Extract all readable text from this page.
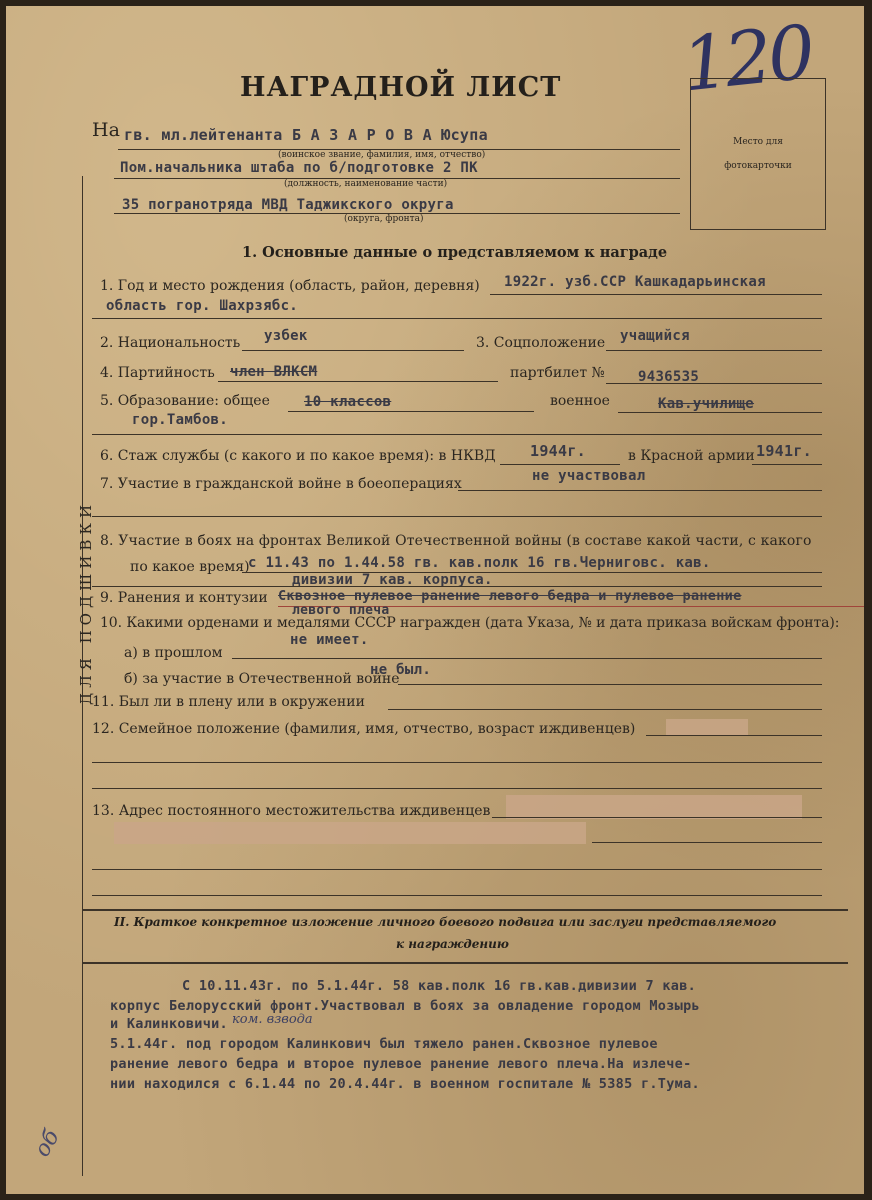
ДЛЯ ПОДШИВКИ
об
НАГРАДНОЙ ЛИСТ 120
Место для
фотокарточки
На гв. мл.лейтенанта Б А З А Р О В А Юсупа
(воинское звание, фамилия, имя, отчество)
Пом.начальника штаба по б/подготовке 2 ПК
(должность, наименование части)
35 погранотряда МВД Таджикского округа
(округа, фронта)
1. Основные данные о представляемом к награде
1. Год и место рождения (область, район, деревня) 1922г. узб.ССР Кашкадарьинская
область гор. Шахрзябс.
2. Национальность узбек	3. Соцположение учащийся
4. Партийность член ВЛКСМ	партбилет № 9436535
5. Образование: общее 10 классов	военное	Кав.училище
гор.Тамбов.
6. Стаж службы (с какого и по какое время): в НКВД 1944г.	в Красной армии 1941г.
7. Участие в гражданской войне в боеоперациях	не участвовал
8. Участие в боях на фронтах Великой Отечественной войны (в составе какой части, с какого
по какое время)
с 11.43 по 1.44.58 гв. кав.полк 16 гв.Черниговс. кав.
дивизии 7 кав. корпуса.
9. Ранения и контузии Сквозное пулевое ранение левого бедра и пулевое ранение
левого плеча
10. Какими орденами и медалями СССР награжден (дата Указа, № и дата приказа войскам фронта):
а) в прошлом
не имеет.
б) за участие в Отечественной войне
не был.
11. Был ли в плену или в окружении
12. Семейное положение (фамилия, имя, отчество, возраст иждивенцев)
13. Адрес постоянного местожительства иждивенцев
II. Краткое конкретное изложение личного боевого подвига или заслуги представляемого
к награждению
С 10.11.43г. по 5.1.44г. 58 кав.полк 16 гв.кав.дивизии 7 кав.
корпус Белорусский фронт.Участвовал в боях за овладение городом Мозырь
и Калинковичи. ком. взвода
5.1.44г. под городом Калинкович был тяжело ранен.Сквозное пулевое
ранение левого бедра и второе пулевое ранение левого плеча.На излече-
нии находился с 6.1.44 по 20.4.44г. в военном госпитале № 5385 г.Тума.
